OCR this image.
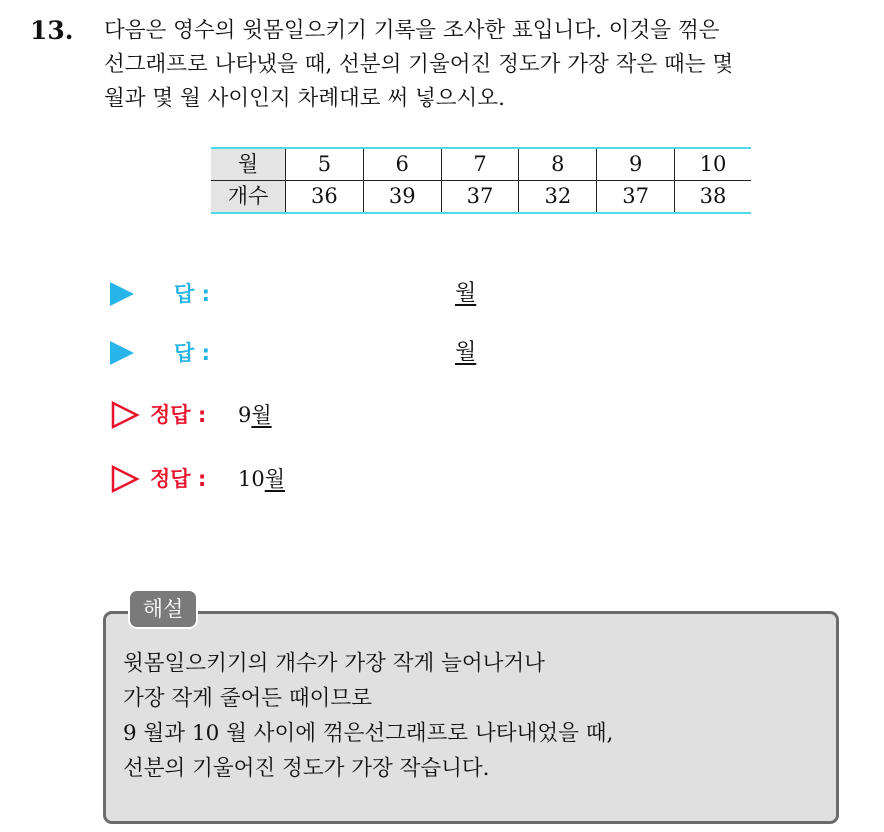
13. 다음은 영수의 윗몸일으키기 기록을 조사한 표입니다. 이것을 꺾은
선그래프로 나타냈을 때, 선분의 기울어진 정도가 가장 작은 때는 몇
월과 몇 월 사이인지 차례대로 써 넣으시오.
월	5	6	7	8	9	10
개수	36	39	37	32	37	38
답 :	월
답 :	월
정답 : 9월
정답 : 10월
해설
윗몸일으키기의 개수가 가장 작게 늘어나거나
가장 작게 줄어든 때이므로
9 월과 10 월 사이에 꺾은선그래프로 나타내었을 때,
선분의 기울어진 정도가 가장 작습니다.
